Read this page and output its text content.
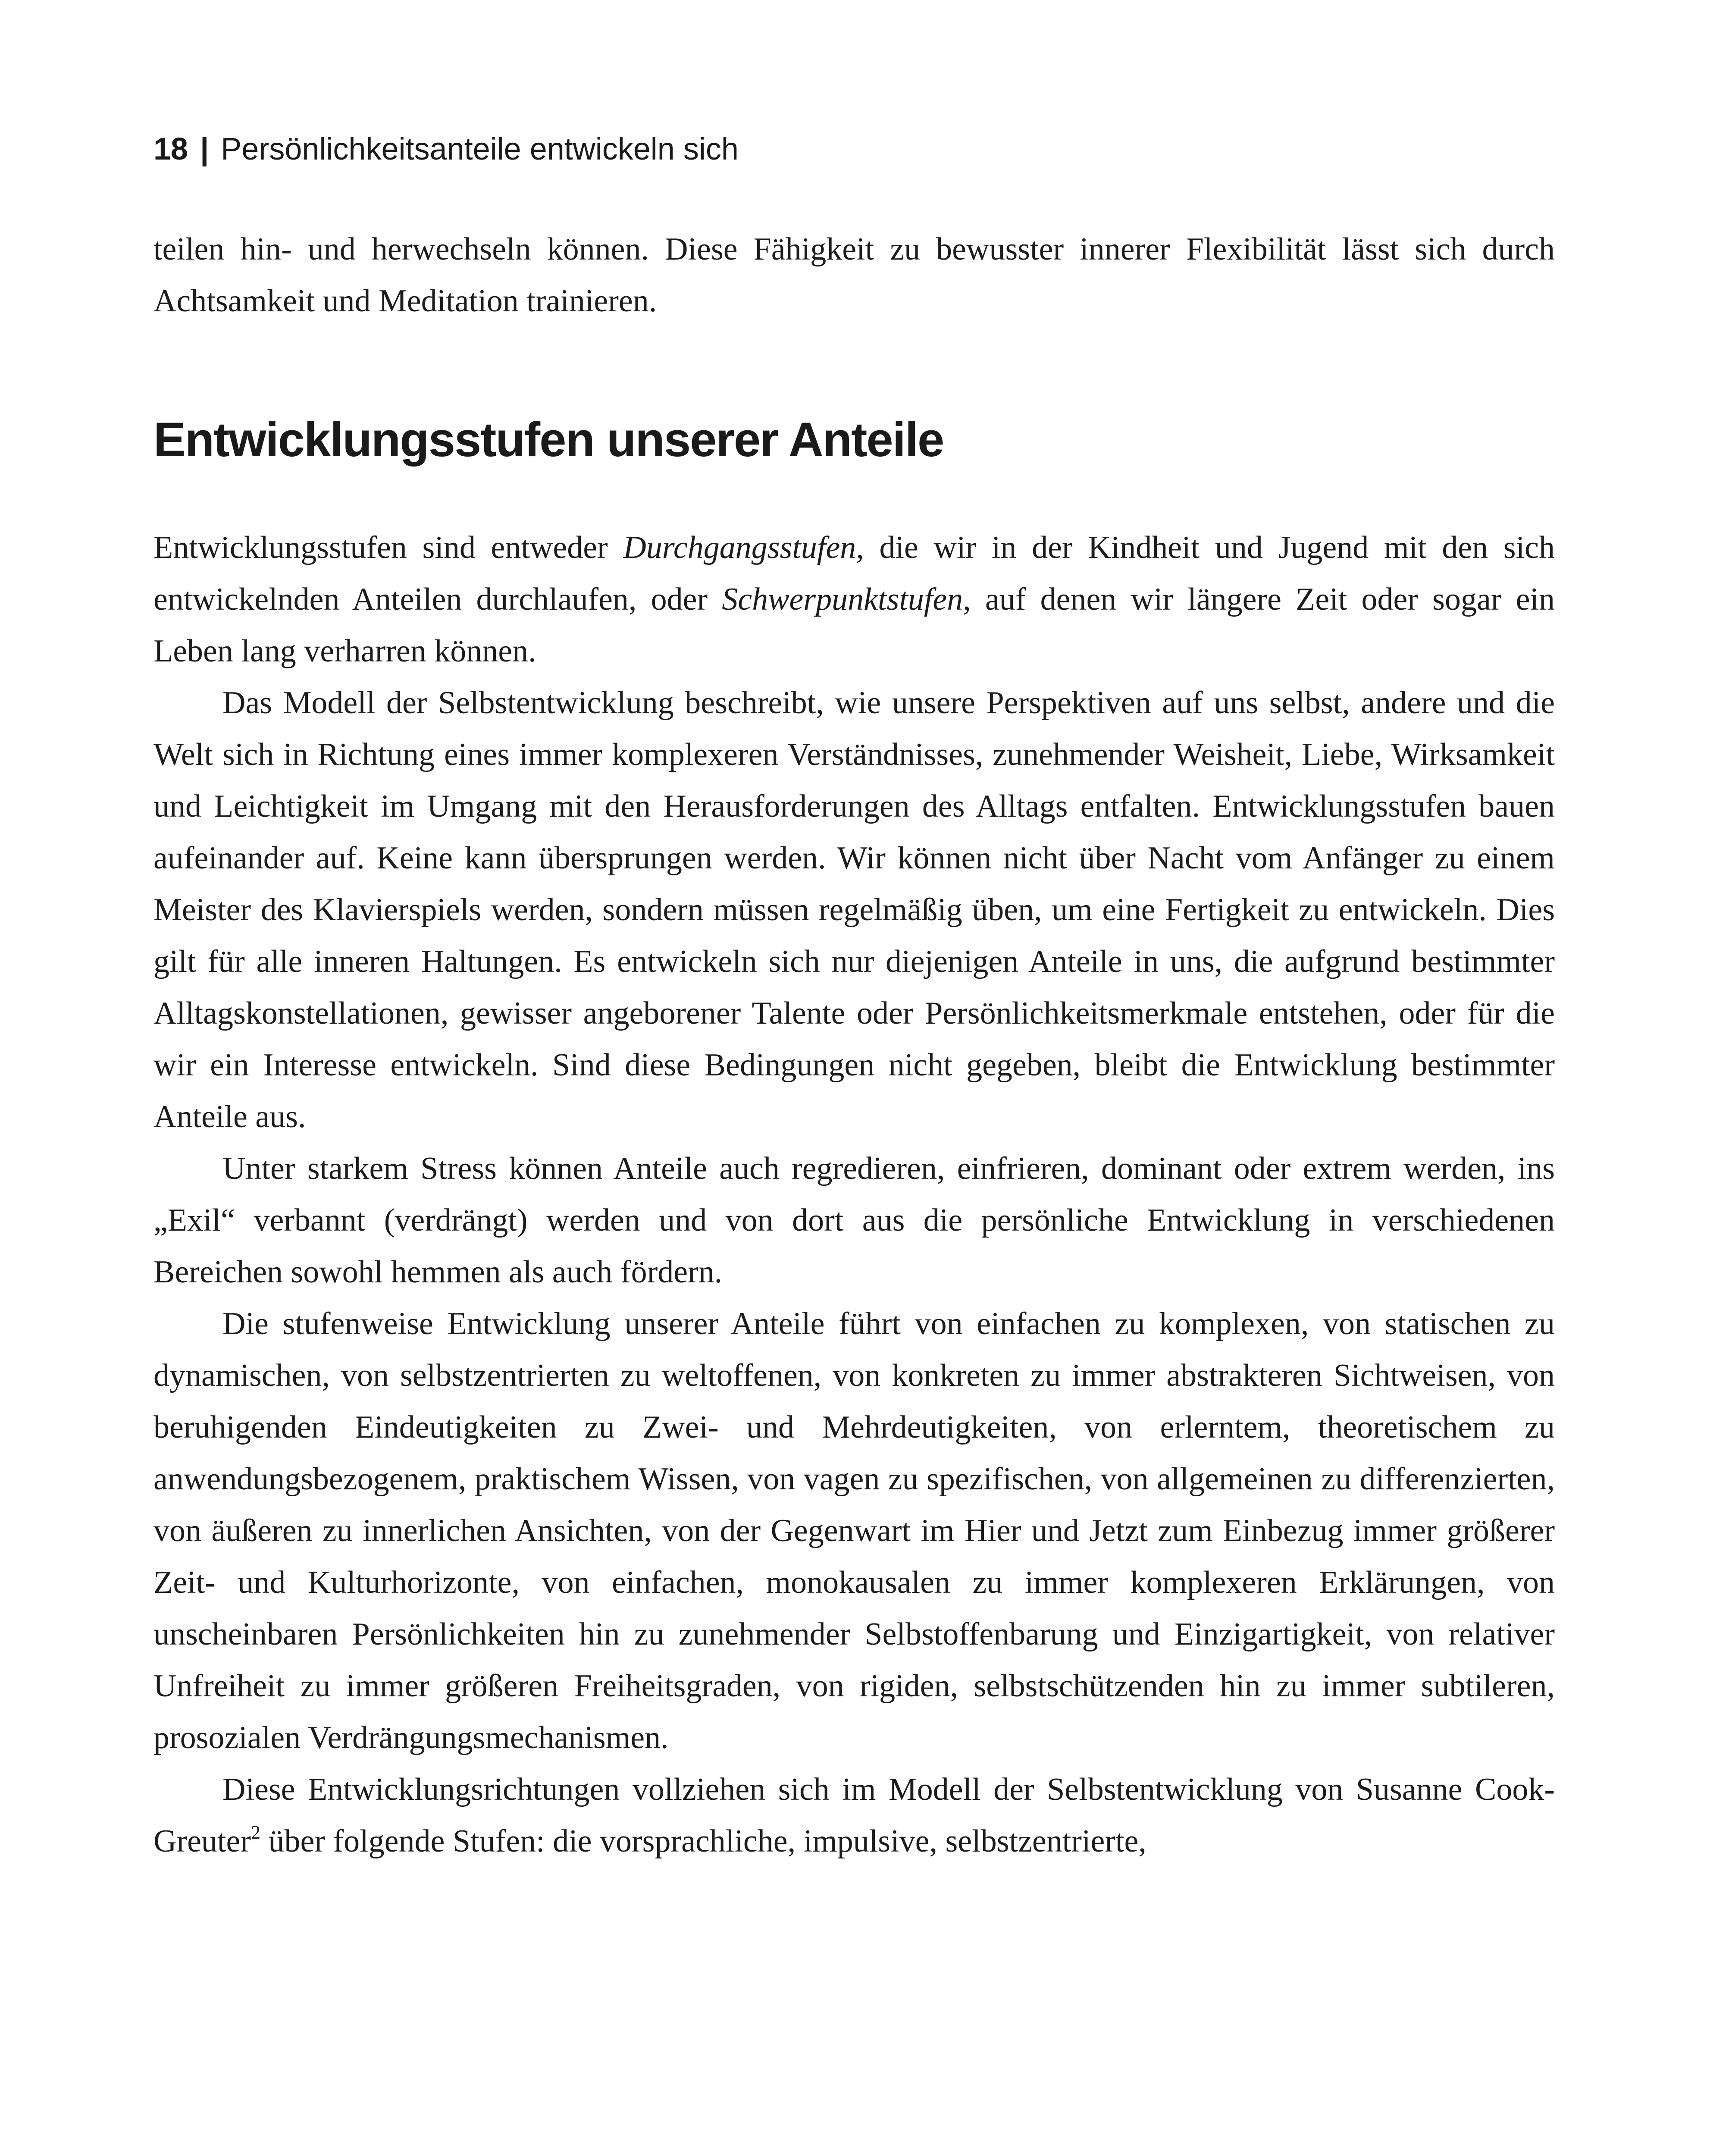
18 | Persönlichkeitsanteile entwickeln sich

teilen hin- und herwechseln können. Diese Fähigkeit zu bewusster innerer Flexibilität lässt sich durch Achtsamkeit und Meditation trainieren.

Entwicklungsstufen unserer Anteile

Entwicklungsstufen sind entweder Durchgangsstufen, die wir in der Kindheit und Jugend mit den sich entwickelnden Anteilen durchlaufen, oder Schwerpunktstufen, auf denen wir längere Zeit oder sogar ein Leben lang verharren können.

Das Modell der Selbstentwicklung beschreibt, wie unsere Perspektiven auf uns selbst, andere und die Welt sich in Richtung eines immer komplexeren Verständnisses, zunehmender Weisheit, Liebe, Wirksamkeit und Leichtigkeit im Umgang mit den Herausforderungen des Alltags entfalten. Entwicklungsstufen bauen aufeinander auf. Keine kann übersprungen werden. Wir können nicht über Nacht vom Anfänger zu einem Meister des Klavierspiels werden, sondern müssen regelmäßig üben, um eine Fertigkeit zu entwickeln. Dies gilt für alle inneren Haltungen. Es entwickeln sich nur diejenigen Anteile in uns, die aufgrund bestimmter Alltagskonstellationen, gewisser angeborener Talente oder Persönlichkeitsmerkmale entstehen, oder für die wir ein Interesse entwickeln. Sind diese Bedingungen nicht gegeben, bleibt die Entwicklung bestimmter Anteile aus.

Unter starkem Stress können Anteile auch regredieren, einfrieren, dominant oder extrem werden, ins „Exil“ verbannt (verdrängt) werden und von dort aus die persönliche Entwicklung in verschiedenen Bereichen sowohl hemmen als auch fördern.

Die stufenweise Entwicklung unserer Anteile führt von einfachen zu komplexen, von statischen zu dynamischen, von selbstzentrierten zu weltoffenen, von konkreten zu immer abstrakteren Sichtweisen, von beruhigenden Eindeutigkeiten zu Zwei- und Mehrdeutigkeiten, von erlerntem, theoretischem zu anwendungsbezogenem, praktischem Wissen, von vagen zu spezifischen, von allgemeinen zu differenzierten, von äußeren zu innerlichen Ansichten, von der Gegenwart im Hier und Jetzt zum Einbezug immer größerer Zeit- und Kulturhorizonte, von einfachen, monokausalen zu immer komplexeren Erklärungen, von unscheinbaren Persönlichkeiten hin zu zunehmender Selbstoffenbarung und Einzigartigkeit, von relativer Unfreiheit zu immer größeren Freiheitsgraden, von rigiden, selbstschützenden hin zu immer subtileren, prosozialen Verdrängungsmechanismen.

Diese Entwicklungsrichtungen vollziehen sich im Modell der Selbstentwicklung von Susanne Cook-Greuter$^2$ über folgende Stufen: die vorsprachliche, impulsive, selbstzentrierte,
